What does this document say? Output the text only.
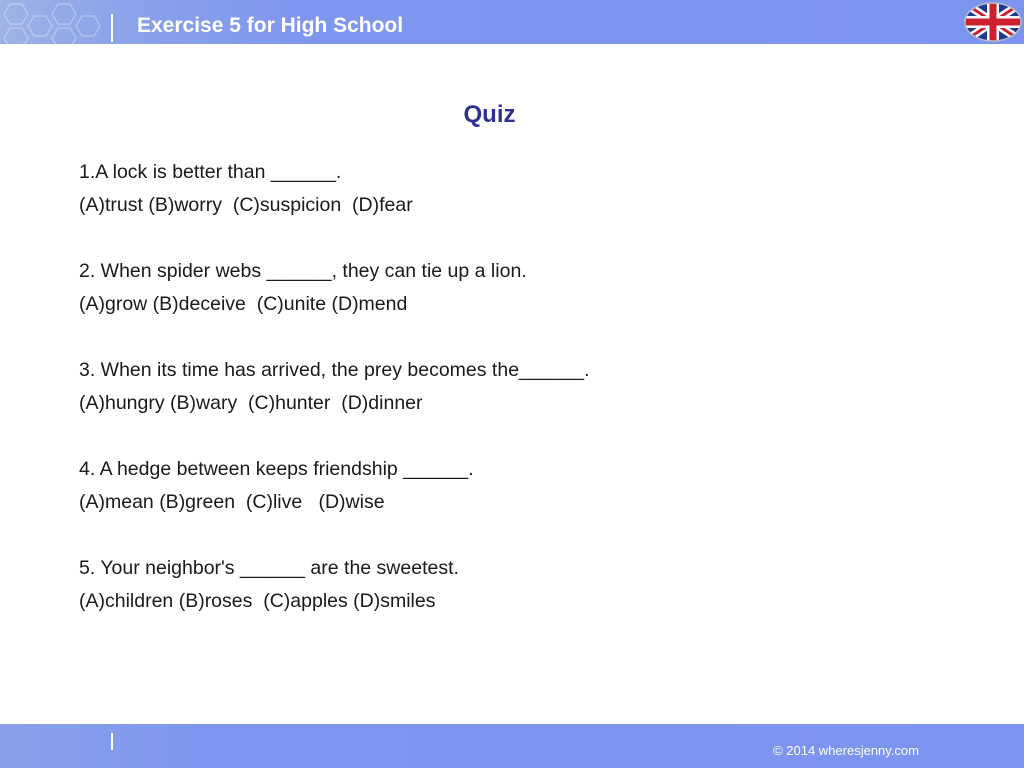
Exercise 5 for High School
Quiz
1.A lock is better than ______.
(A)trust (B)worry  (C)suspicion  (D)fear
2. When spider webs ______, they can tie up a lion.
(A)grow (B)deceive  (C)unite (D)mend
3. When its time has arrived, the prey becomes the______.
(A)hungry (B)wary  (C)hunter  (D)dinner
4. A hedge between keeps friendship ______.
(A)mean (B)green  (C)live   (D)wise
5. Your neighbor's ______ are the sweetest.
(A)children (B)roses  (C)apples (D)smiles
© 2014 wheresjenny.com
